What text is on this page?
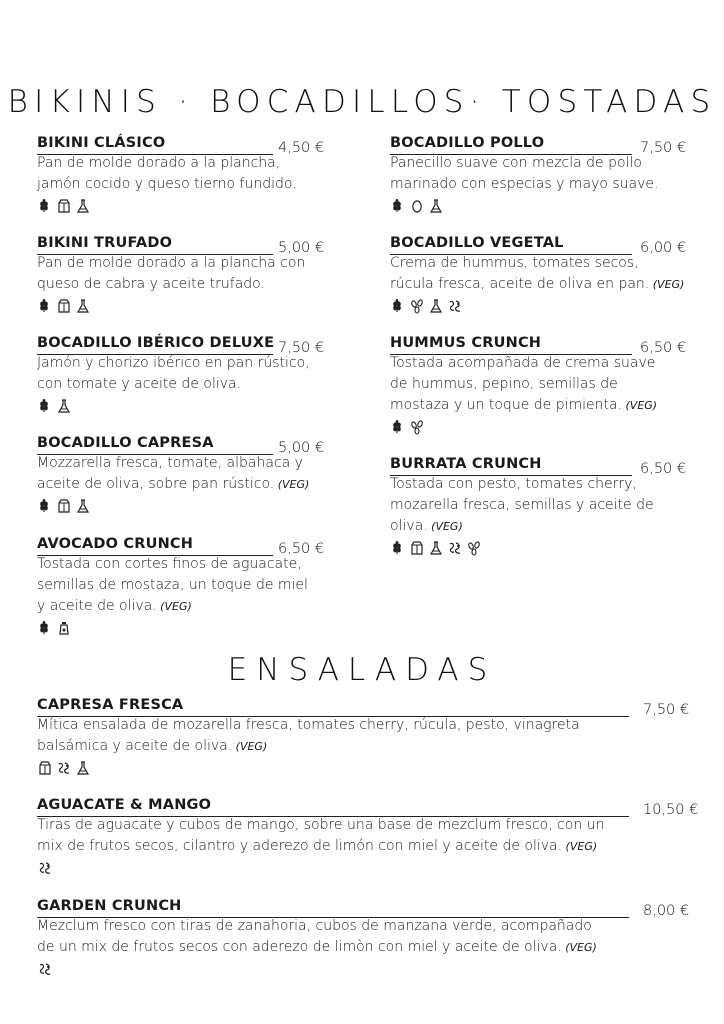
BIKINIS · BOCADILLOS· TOSTADAS
ENSALADAS
BIKINI CLÁSICO	4,50 €
Pan de molde dorado a la plancha,
jamón cocido y queso tierno fundido.
BIKINI TRUFADO	5,00 €
Pan de molde dorado a la plancha con
queso de cabra y aceite trufado.
BOCADILLO IBÉRICO DELUXE 7,50 €
Jamón y chorizo ibérico en pan rústico,
con tomate y aceite de oliva.
BOCADILLO CAPRESA	5,00 €
Mozzarella fresca, tomate, albahaca y
aceite de oliva, sobre pan rústico. (VEG)
AVOCADO CRUNCH	6,50 €
Tostada con cortes finos de aguacate,
semillas de mostaza, un toque de miel
y aceite de oliva. (VEG)
BOCADILLO POLLO	7,50 €
Panecillo suave con mezcla de pollo
marinado con especias y mayo suave.
BOCADILLO VEGETAL	6,00 €
Crema de hummus, tomates secos,
rúcula fresca, aceite de oliva en pan. (VEG)
HUMMUS CRUNCH	6,50 €
Tostada acompañada de crema suave
de hummus, pepino, semillas de
mostaza y un toque de pimienta. (VEG)
BURRATA CRUNCH	6,50 €
Tostada con pesto, tomates cherry,
mozarella fresca, semillas y aceite de
oliva. (VEG)
CAPRESA FRESCA	7,50 €
Mítica ensalada de mozarella fresca, tomates cherry, rúcula, pesto, vinagreta
balsámica y aceite de oliva. (VEG)
AGUACATE & MANGO	10,50 €
Tiras de aguacate y cubos de mango, sobre una base de mezclum fresco, con un
mix de frutos secos, cilantro y aderezo de limón con miel y aceite de oliva. (VEG)
GARDEN CRUNCH	8,00 €
Mezclum fresco con tiras de zanahoria, cubos de manzana verde, acompañado
de un mix de frutos secos con aderezo de limòn con miel y aceite de oliva. (VEG)
